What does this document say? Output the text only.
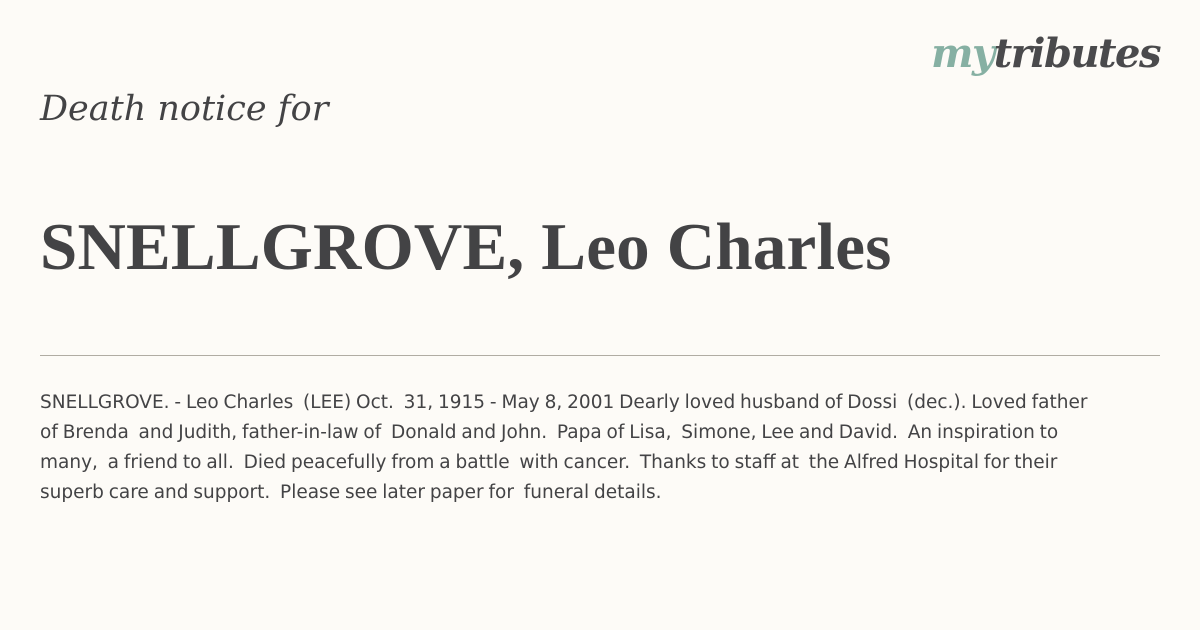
mytributes
Death notice for
SNELLGROVE, Leo Charles
SNELLGROVE. - Leo Charles  (LEE) Oct.  31, 1915 - May 8, 2001 Dearly loved husband of Dossi  (dec.). Loved father of Brenda  and Judith, father-in-law of  Donald and John.  Papa of Lisa,  Simone, Lee and David.  An inspiration to many,  a friend to all.  Died peacefully from a battle  with cancer.  Thanks to staff at  the Alfred Hospital for their  superb care and support.  Please see later paper for  funeral details.
